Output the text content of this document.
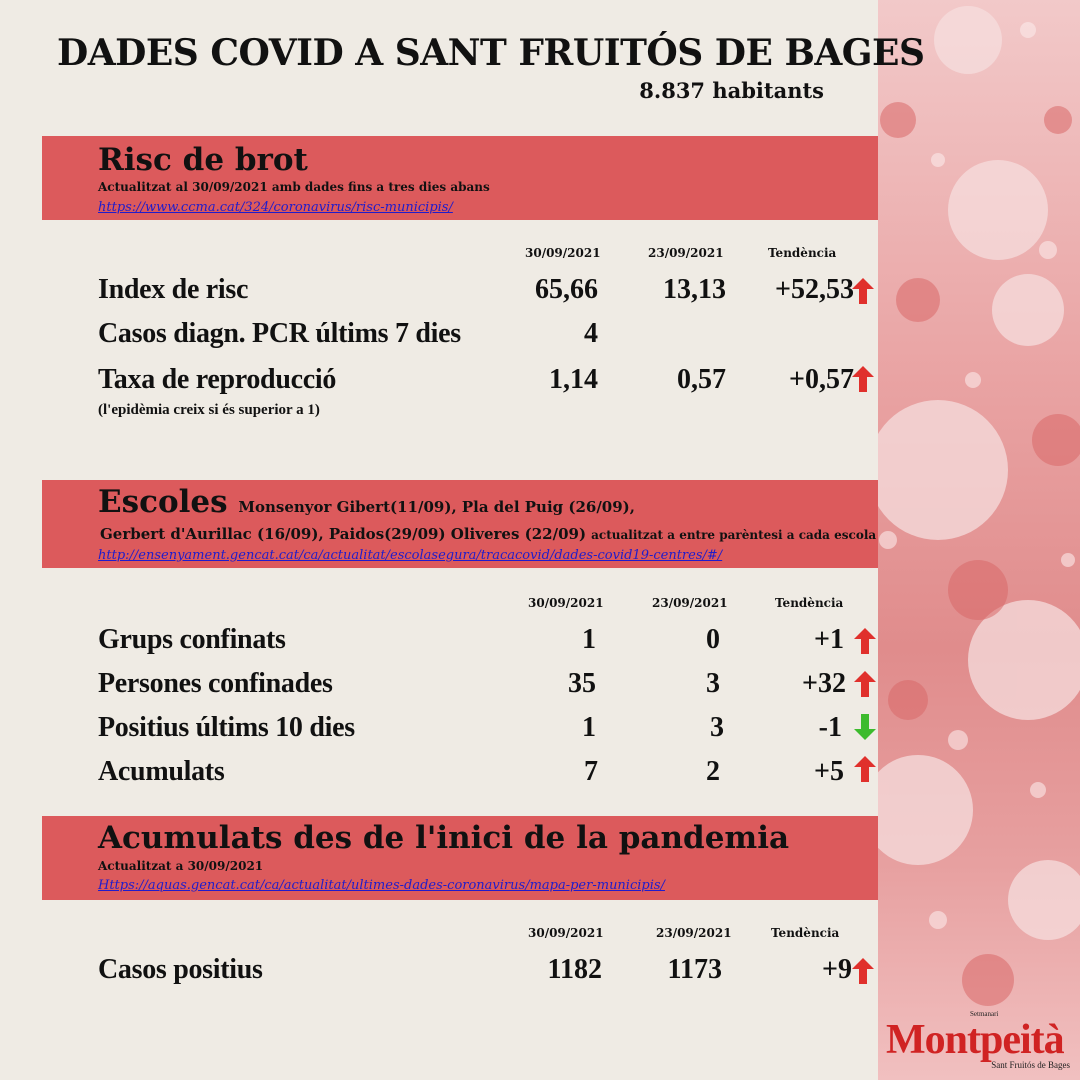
DADES COVID A SANT FRUITÓS DE BAGES
8.837 habitants
Risc de brot
Actualitzat al 30/09/2021 amb dades fins a tres dies abans
https://www.ccma.cat/324/coronavirus/risc-municipis/
30/09/2021	23/09/2021	Tendència
Index de risc	65,66 13,13 +52,53
Casos diagn. PCR últims 7 dies	4
Taxa de reproducció	1,14	0,57 +0,57
(l'epidèmia creix si és superior a 1)
Escoles Monsenyor Gibert(11/09), Pla del Puig (26/09),
Gerbert d'Aurillac (16/09), Paidos(29/09) Oliveres (22/09) actualitzat a entre parèntesi a cada escola
http://ensenyament.gencat.cat/ca/actualitat/escolasegura/tracacovid/dades-covid19-centres/#/
30/09/2021	23/09/2021	Tendència
Grups confinats	1	0	+1
Persones confinades	35	3	+32
Positius últims 10 dies	1	3	-1
Acumulats	7	2	+5
Acumulats des de l'inici de la pandemia
Actualitzat a 30/09/2021
Https://aquas.gencat.cat/ca/actualitat/ultimes-dades-coronavirus/mapa-per-municipis/
30/09/2021	23/09/2021	Tendència
Casos positius	1182 1173	+9
Setmanari
Montpeità
Sant Fruitós de Bages
